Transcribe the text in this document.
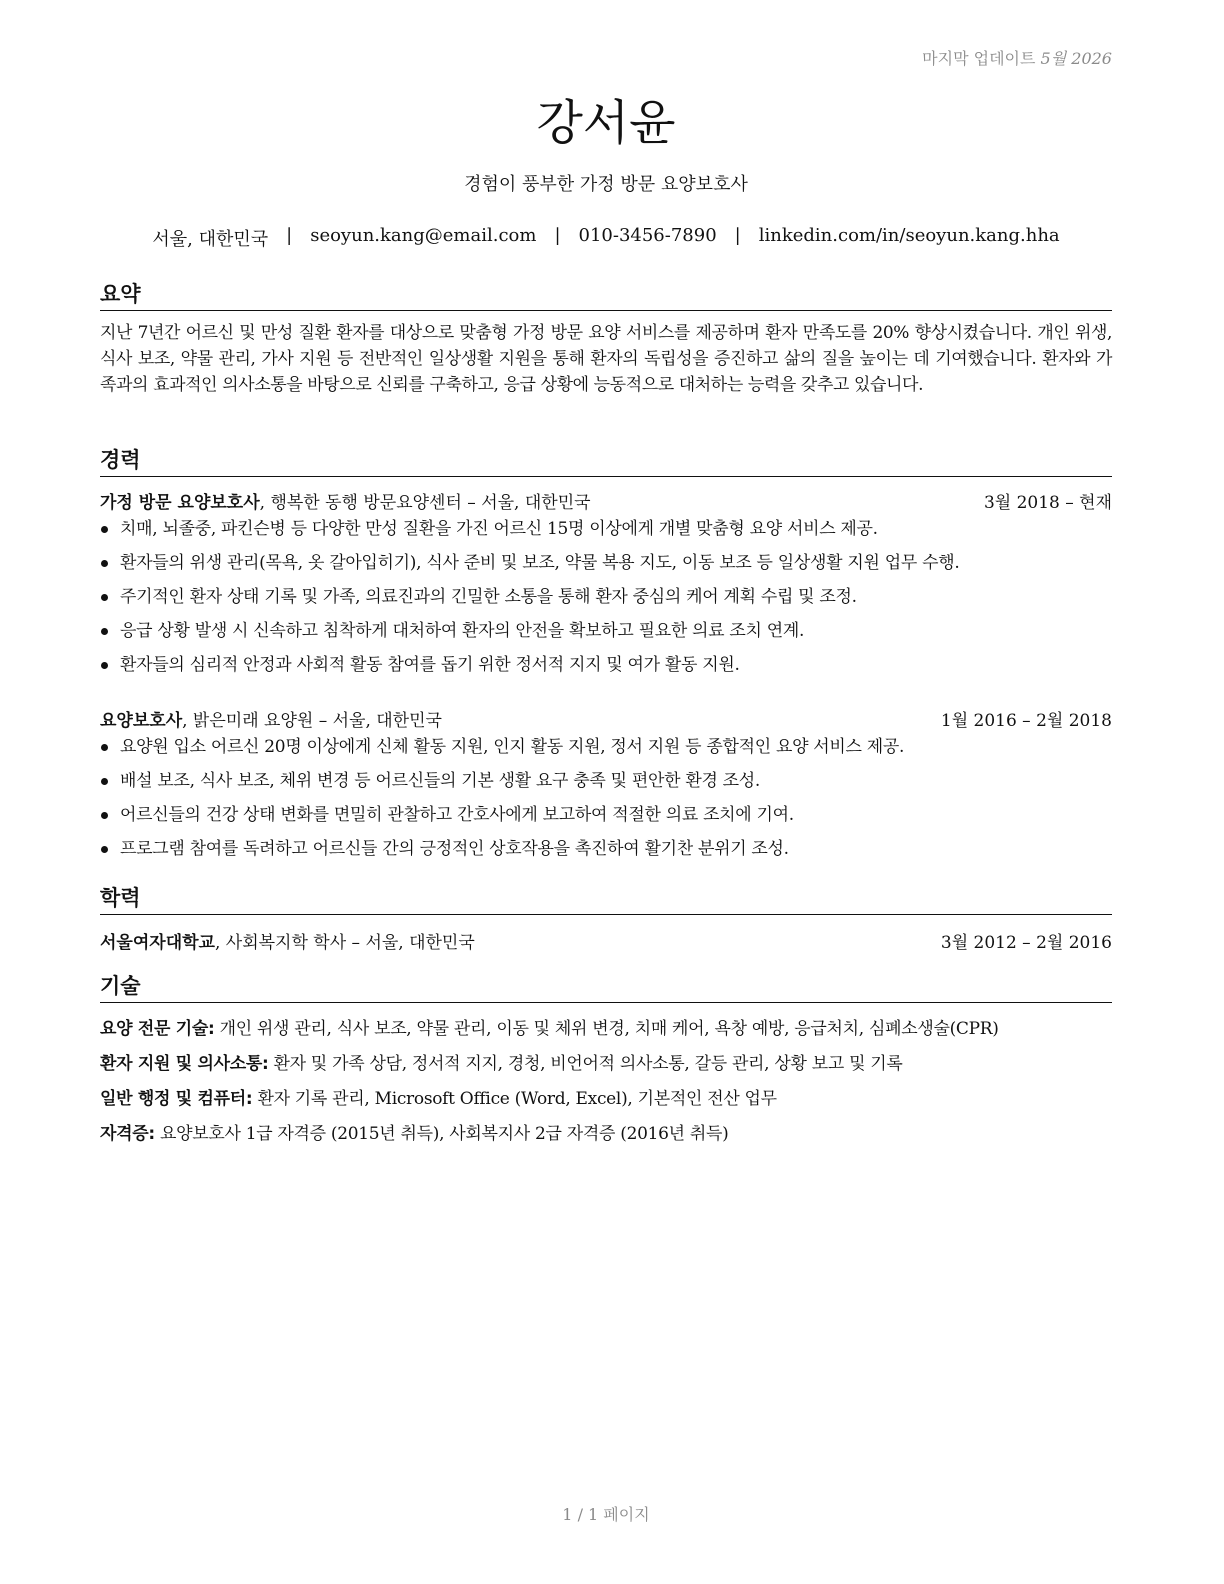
마지막 업데이트 5월 2026
강서윤
경험이 풍부한 가정 방문 요양보호사
서울, 대한민국 | seoyun.kang@email.com | 010-3456-7890 | linkedin.com/in/seoyun.kang.hha
요약
지난 7년간 어르신 및 만성 질환 환자를 대상으로 맞춤형 가정 방문 요양 서비스를 제공하며 환자 만족도를 20% 향상시켰습니다. 개인 위생, 식사 보조, 약물 관리, 가사 지원 등 전반적인 일상생활 지원을 통해 환자의 독립성을 증진하고 삶의 질을 높이는 데 기여했습니다. 환자와 가족과의 효과적인 의사소통을 바탕으로 신뢰를 구축하고, 응급 상황에 능동적으로 대처하는 능력을 갖추고 있습니다.
경력
가정 방문 요양보호사, 행복한 동행 방문요양센터 – 서울, 대한민국	3월 2018 – 현재
치매, 뇌졸중, 파킨슨병 등 다양한 만성 질환을 가진 어르신 15명 이상에게 개별 맞춤형 요양 서비스 제공.
환자들의 위생 관리(목욕, 옷 갈아입히기), 식사 준비 및 보조, 약물 복용 지도, 이동 보조 등 일상생활 지원 업무 수행.
주기적인 환자 상태 기록 및 가족, 의료진과의 긴밀한 소통을 통해 환자 중심의 케어 계획 수립 및 조정.
응급 상황 발생 시 신속하고 침착하게 대처하여 환자의 안전을 확보하고 필요한 의료 조치 연계.
환자들의 심리적 안정과 사회적 활동 참여를 돕기 위한 정서적 지지 및 여가 활동 지원.
요양보호사, 밝은미래 요양원 – 서울, 대한민국	1월 2016 – 2월 2018
요양원 입소 어르신 20명 이상에게 신체 활동 지원, 인지 활동 지원, 정서 지원 등 종합적인 요양 서비스 제공.
배설 보조, 식사 보조, 체위 변경 등 어르신들의 기본 생활 요구 충족 및 편안한 환경 조성.
어르신들의 건강 상태 변화를 면밀히 관찰하고 간호사에게 보고하여 적절한 의료 조치에 기여.
프로그램 참여를 독려하고 어르신들 간의 긍정적인 상호작용을 촉진하여 활기찬 분위기 조성.
학력
서울여자대학교, 사회복지학 학사 – 서울, 대한민국	3월 2012 – 2월 2016
기술
요양 전문 기술: 개인 위생 관리, 식사 보조, 약물 관리, 이동 및 체위 변경, 치매 케어, 욕창 예방, 응급처치, 심폐소생술(CPR)
환자 지원 및 의사소통: 환자 및 가족 상담, 정서적 지지, 경청, 비언어적 의사소통, 갈등 관리, 상황 보고 및 기록
일반 행정 및 컴퓨터: 환자 기록 관리, Microsoft Office (Word, Excel), 기본적인 전산 업무
자격증: 요양보호사 1급 자격증 (2015년 취득), 사회복지사 2급 자격증 (2016년 취득)
1 / 1 페이지
